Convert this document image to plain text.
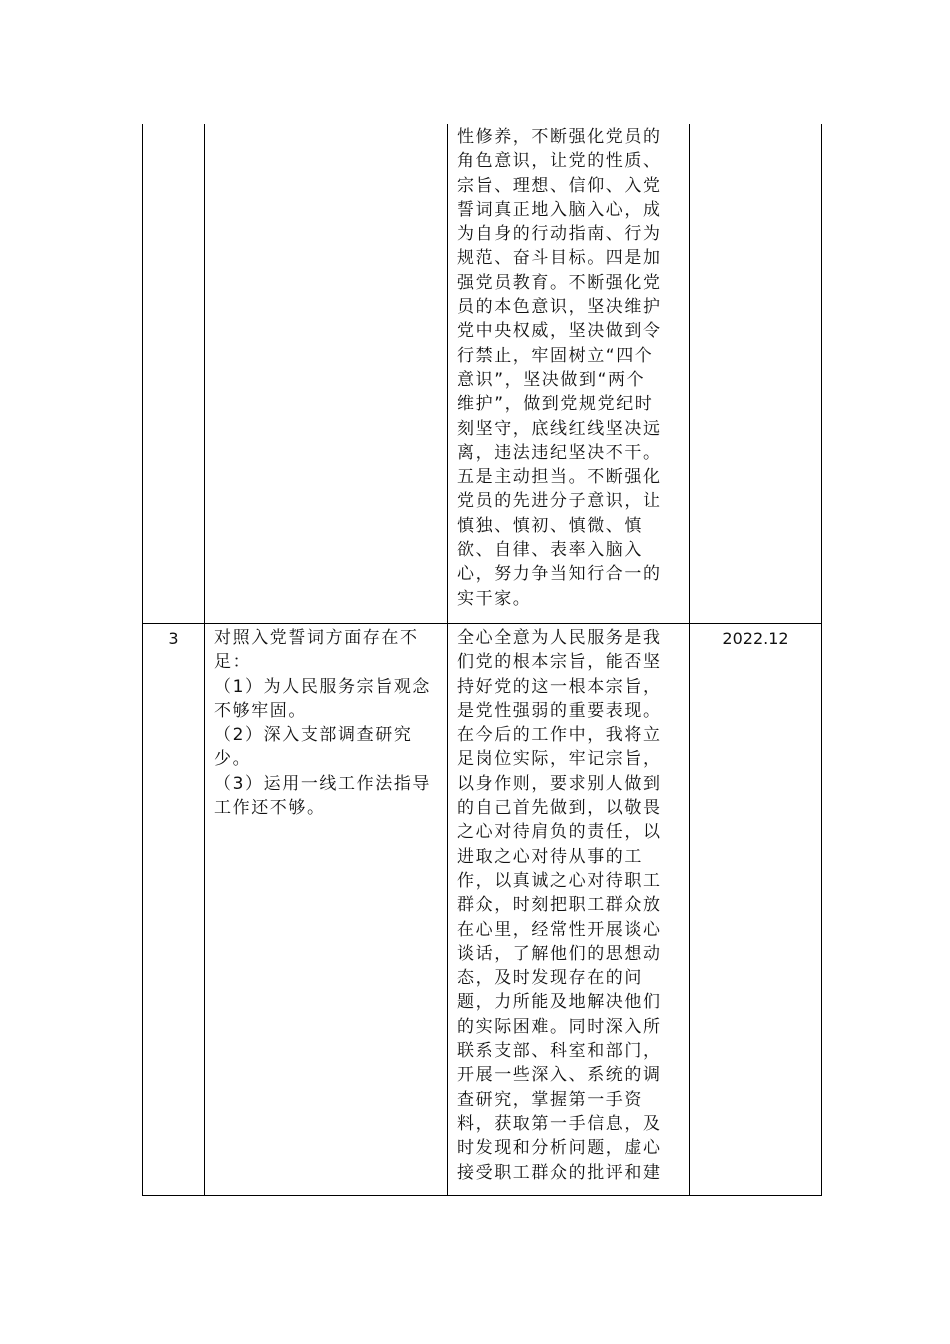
性修养，不断强化党员的
角色意识，让党的性质、
宗旨、理想、信仰、入党
誓词真正地入脑入心，成
为自身的行动指南、行为
规范、奋斗目标。四是加
强党员教育。不断强化党
员的本色意识，坚决维护
党中央权威，坚决做到令
行禁止，牢固树立“四个
意识”，坚决做到“两个
维护”，做到党规党纪时
刻坚守，底线红线坚决远
离，违法违纪坚决不干。
五是主动担当。不断强化
党员的先进分子意识，让
慎独、慎初、慎微、慎
欲、自律、表率入脑入
心，努力争当知行合一的
实干家。

3	对照入党誓词方面存在不
足：
（1）为人民服务宗旨观念
不够牢固。
（2）深入支部调查研究
少。
（3）运用一线工作法指导
工作还不够。

全心全意为人民服务是我
们党的根本宗旨，能否坚
持好党的这一根本宗旨，
是党性强弱的重要表现。
在今后的工作中，我将立
足岗位实际，牢记宗旨，
以身作则，要求别人做到
的自己首先做到，以敬畏
之心对待肩负的责任，以
进取之心对待从事的工
作，以真诚之心对待职工
群众，时刻把职工群众放
在心里，经常性开展谈心
谈话，了解他们的思想动
态，及时发现存在的问
题，力所能及地解决他们
的实际困难。同时深入所
联系支部、科室和部门，
开展一些深入、系统的调
查研究，掌握第一手资
料，获取第一手信息，及
时发现和分析问题，虚心
接受职工群众的批评和建

2022.12
